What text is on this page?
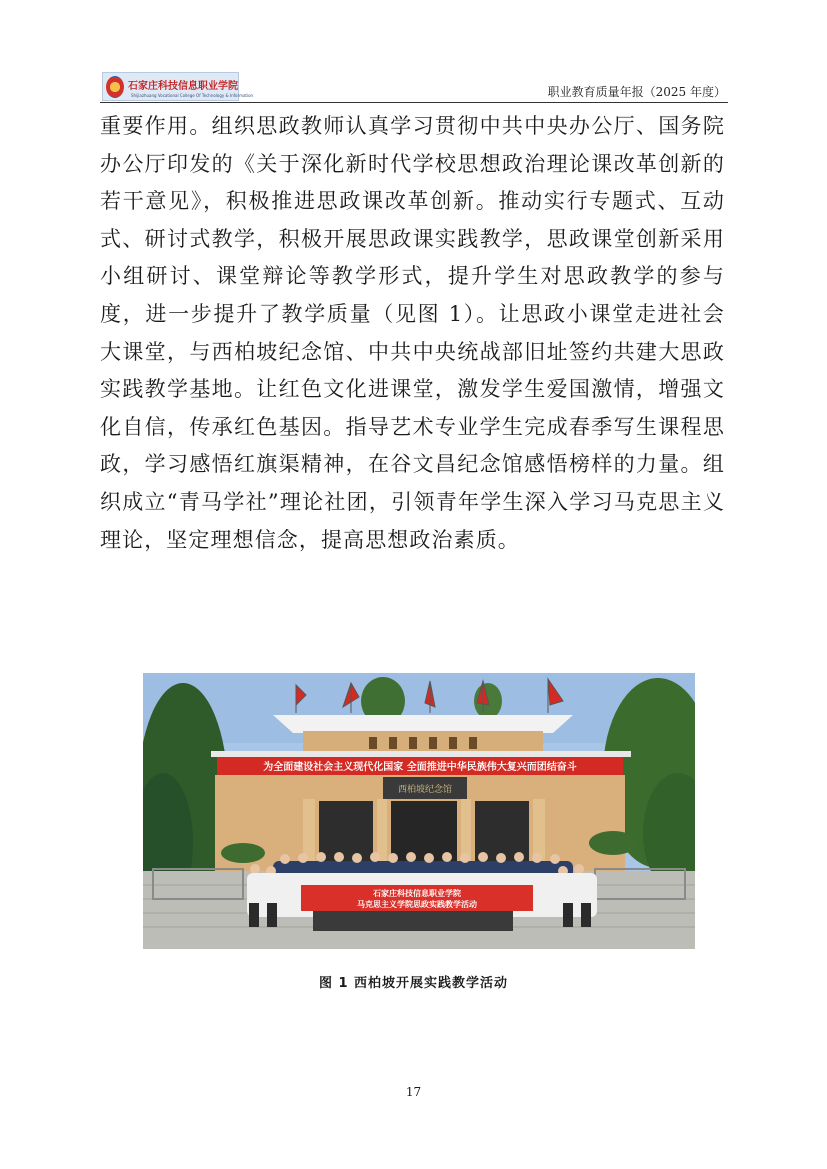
石家庄科技信息职业学院
Shijiazhuang Vocational College Of Technology & Information	职业教育质量年报（2025 年度）

重要作用。组织思政教师认真学习贯彻中共中央办公厅、国务院办公厅印发的《关于深化新时代学校思想政治理论课改革创新的若干意见》，积极推进思政课改革创新。推动实行专题式、互动式、研讨式教学，积极开展思政课实践教学，思政课堂创新采用小组研讨、课堂辩论等教学形式，提升学生对思政教学的参与度，进一步提升了教学质量（见图 1）。让思政小课堂走进社会大课堂，与西柏坡纪念馆、中共中央统战部旧址签约共建大思政实践教学基地。让红色文化进课堂，激发学生爱国激情，增强文化自信，传承红色基因。指导艺术专业学生完成春季写生课程思政，学习感悟红旗渠精神，在谷文昌纪念馆感悟榜样的力量。组织成立“青马学社”理论社团，引领青年学生深入学习马克思主义理论，坚定理想信念，提高思想政治素质。

为全面建设社会主义现代化国家 全面推进中华民族伟大复兴而团结奋斗
西柏坡纪念馆
石家庄科技信息职业学院
马克思主义学院思政实践教学活动
图 1 西柏坡开展实践教学活动
17
